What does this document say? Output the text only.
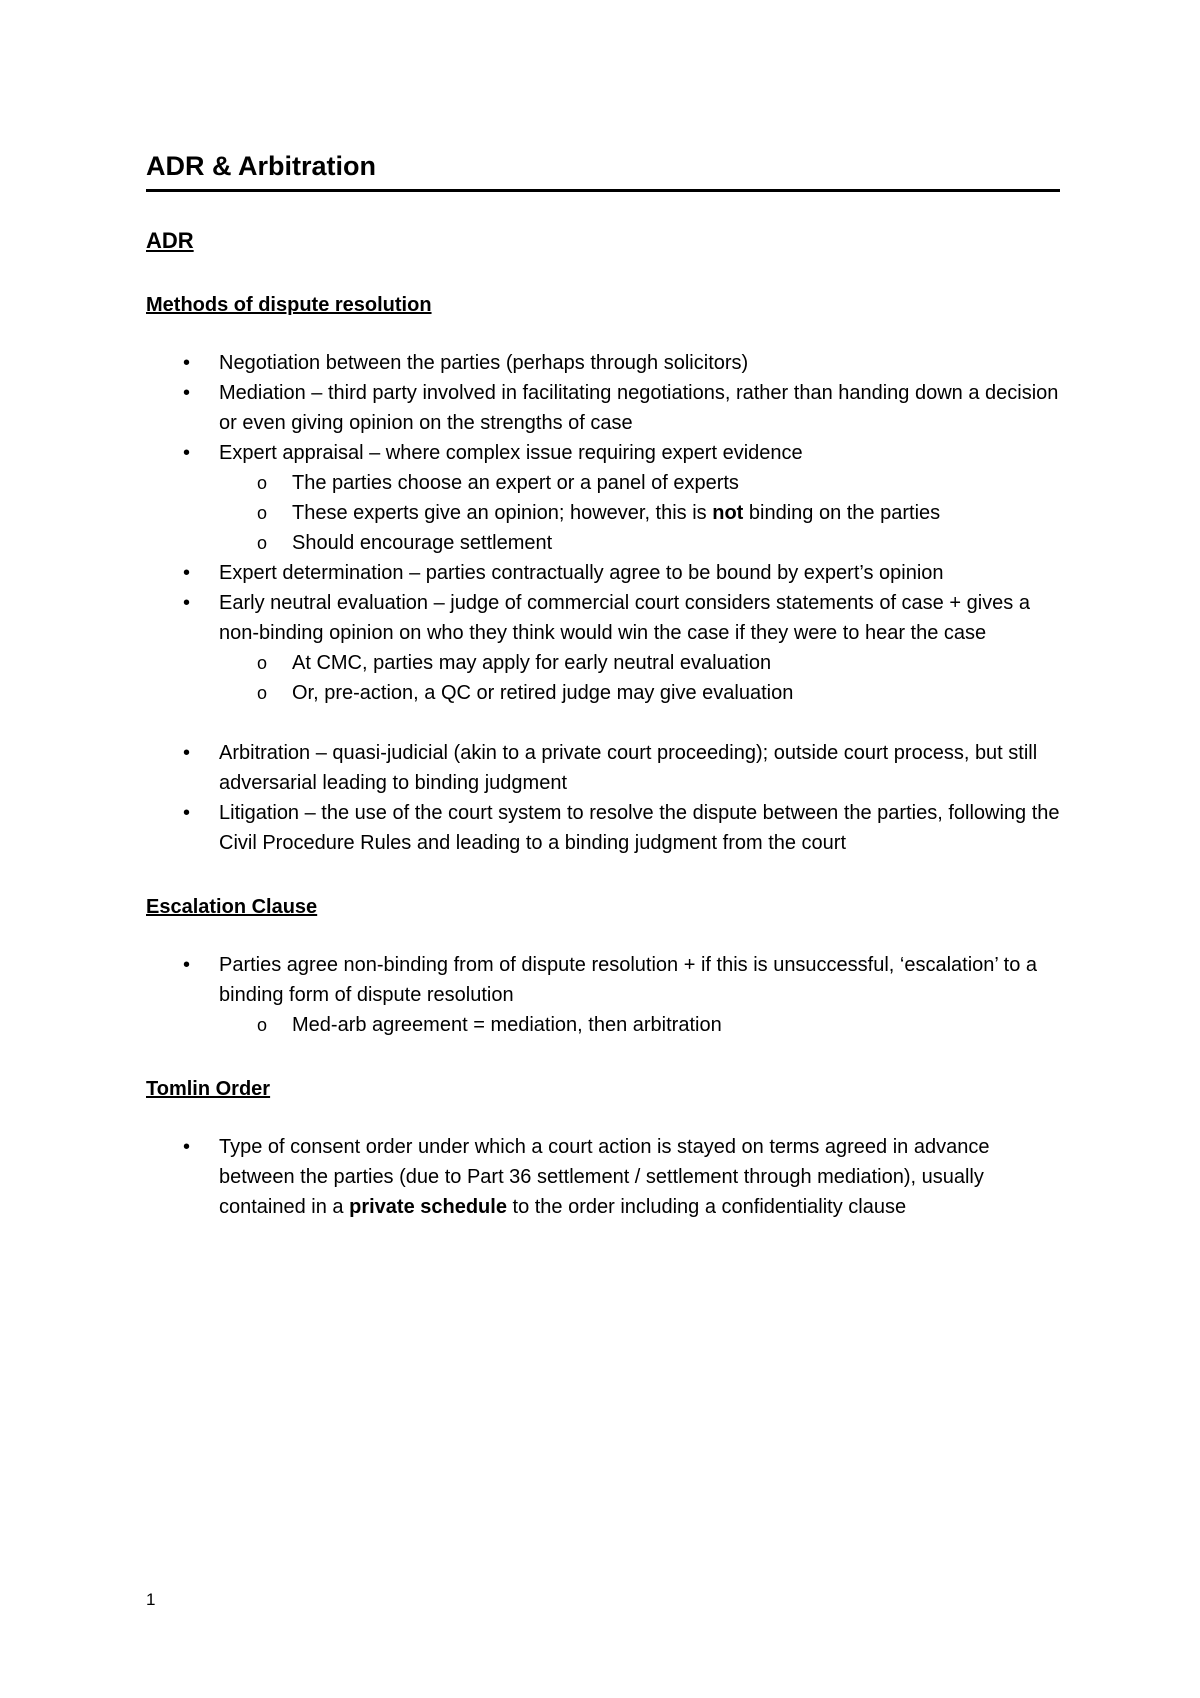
ADR & Arbitration
ADR
Methods of dispute resolution
• Negotiation between the parties (perhaps through solicitors)
• Mediation – third party involved in facilitating negotiations, rather than handing down a decision or even giving opinion on the strengths of case
• Expert appraisal – where complex issue requiring expert evidence
o The parties choose an expert or a panel of experts
o These experts give an opinion; however, this is not binding on the parties
o Should encourage settlement
• Expert determination – parties contractually agree to be bound by expert’s opinion
• Early neutral evaluation – judge of commercial court considers statements of case + gives a non-binding opinion on who they think would win the case if they were to hear the case
o At CMC, parties may apply for early neutral evaluation
o Or, pre-action, a QC or retired judge may give evaluation
• Arbitration – quasi-judicial (akin to a private court proceeding); outside court process, but still adversarial leading to binding judgment
• Litigation – the use of the court system to resolve the dispute between the parties, following the Civil Procedure Rules and leading to a binding judgment from the court
Escalation Clause
• Parties agree non-binding from of dispute resolution + if this is unsuccessful, ‘escalation’ to a binding form of dispute resolution
o Med-arb agreement = mediation, then arbitration
Tomlin Order
• Type of consent order under which a court action is stayed on terms agreed in advance between the parties (due to Part 36 settlement / settlement through mediation), usually contained in a private schedule to the order including a confidentiality clause
1
